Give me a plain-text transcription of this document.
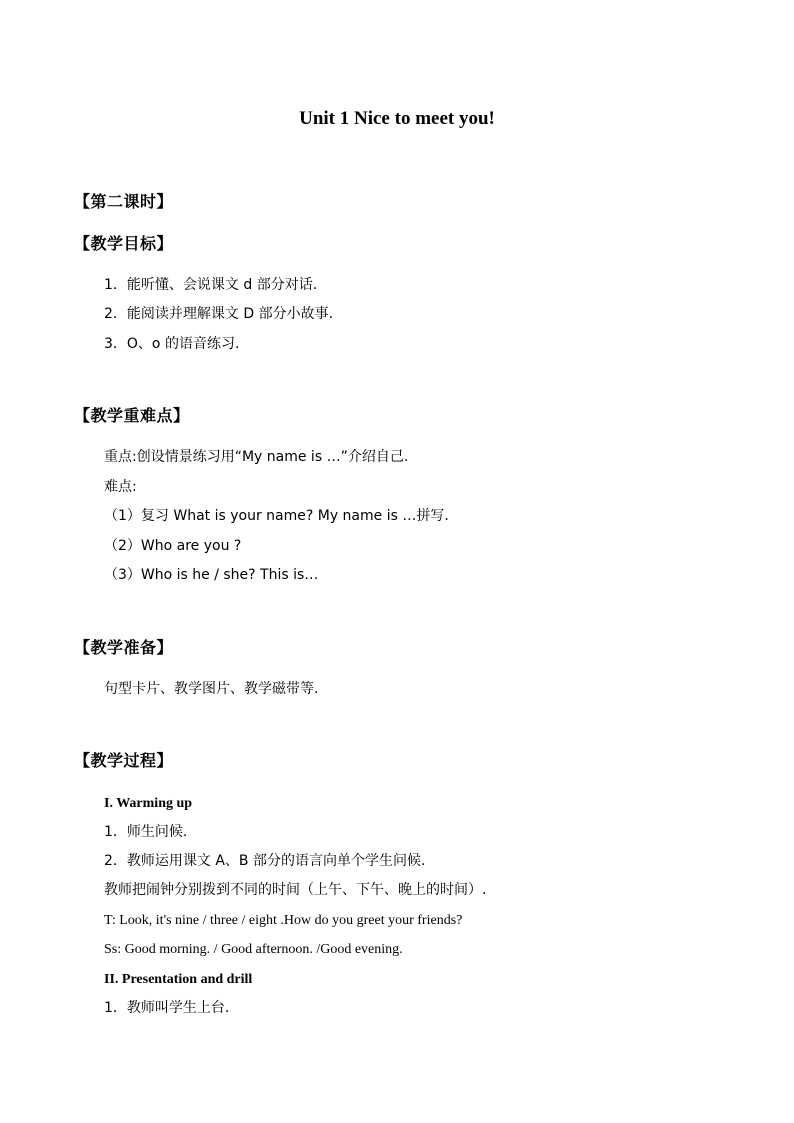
Unit 1 Nice to meet you!
【第二课时】
【教学目标】
1．能听懂、会说课文 d 部分对话.
2．能阅读并理解课文 D 部分小故事.
3．O、o 的语音练习.
【教学重难点】
重点:创设情景练习用“My name is …”介绍自己.
难点:
（1）复习 What is your name? My name is …拼写.
（2）Who are you ?
（3）Who is he / she? This is…
【教学准备】
句型卡片、教学图片、教学磁带等.
【教学过程】
I. Warming up
1．师生问候.
2．教师运用课文 A、B 部分的语言向单个学生问候.
教师把闹钟分别拨到不同的时间（上午、下午、晚上的时间）.
T: Look, it's nine / three / eight .How do you greet your friends?
Ss: Good morning. / Good afternoon. /Good evening.
II. Presentation and drill
1．教师叫学生上台.
